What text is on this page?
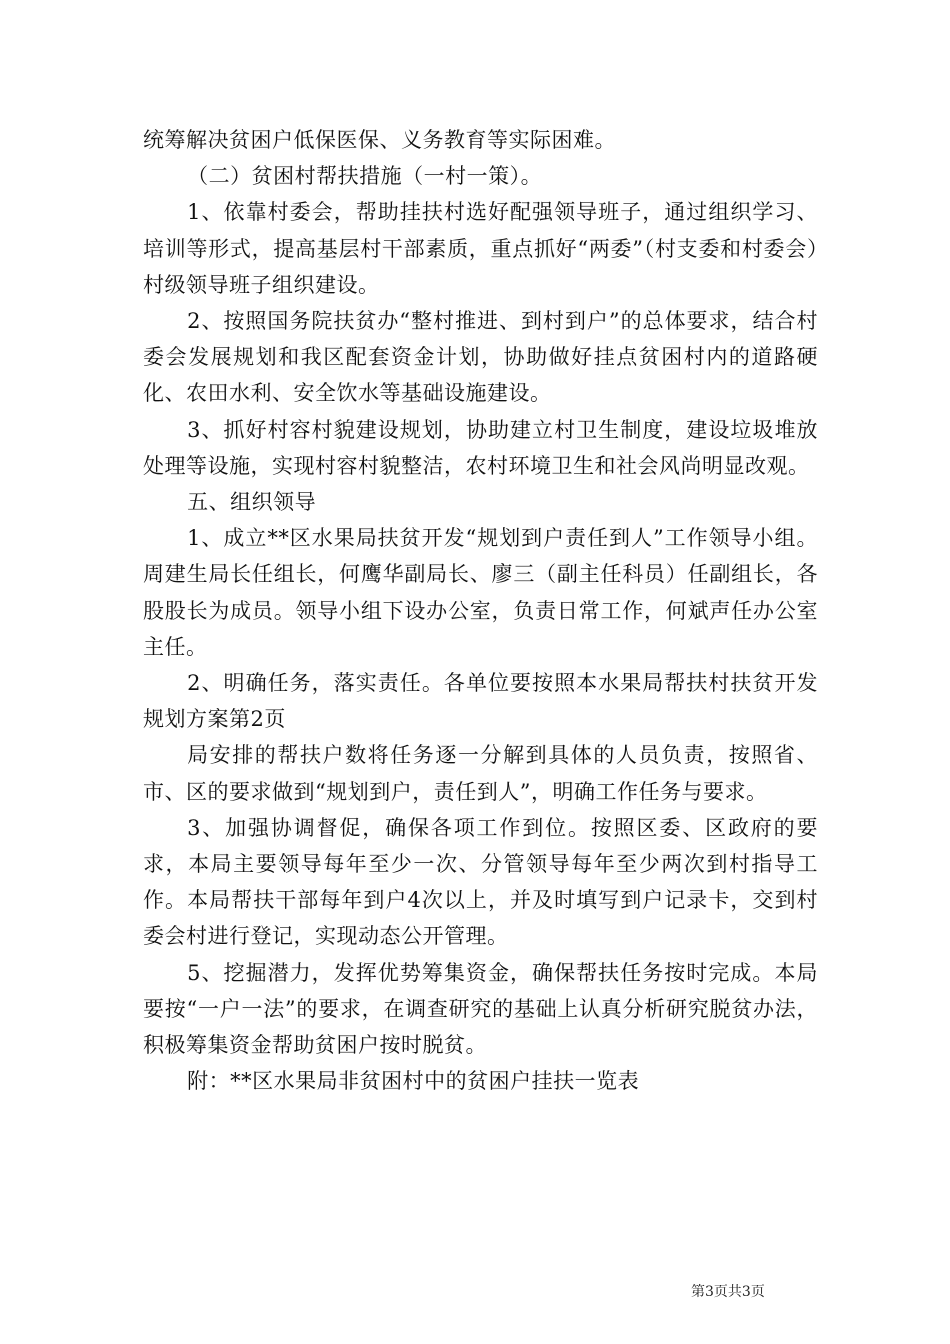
统筹解决贫困户低保医保、义务教育等实际困难。

（二）贫困村帮扶措施（一村一策）。

1、依靠村委会，帮助挂扶村选好配强领导班子，通过组织学习、培训等形式，提高基层村干部素质，重点抓好“两委”（村支委和村委会）村级领导班子组织建设。

2、按照国务院扶贫办“整村推进、到村到户”的总体要求，结合村委会发展规划和我区配套资金计划，协助做好挂点贫困村内的道路硬化、农田水利、安全饮水等基础设施建设。

3、抓好村容村貌建设规划，协助建立村卫生制度，建设垃圾堆放处理等设施，实现村容村貌整洁，农村环境卫生和社会风尚明显改观。

五、组织领导

1、成立**区水果局扶贫开发“规划到户责任到人”工作领导小组。周建生局长任组长，何鹰华副局长、廖三（副主任科员）任副组长，各股股长为成员。领导小组下设办公室，负责日常工作，何斌声任办公室主任。

2、明确任务，落实责任。各单位要按照本水果局帮扶村扶贫开发规划方案第2页

局安排的帮扶户数将任务逐一分解到具体的人员负责，按照省、市、区的要求做到“规划到户，责任到人”，明确工作任务与要求。

3、加强协调督促，确保各项工作到位。按照区委、区政府的要求，本局主要领导每年至少一次、分管领导每年至少两次到村指导工作。本局帮扶干部每年到户4次以上，并及时填写到户记录卡，交到村委会村进行登记，实现动态公开管理。

5、挖掘潜力，发挥优势筹集资金，确保帮扶任务按时完成。本局要按“一户一法”的要求，在调查研究的基础上认真分析研究脱贫办法，积极筹集资金帮助贫困户按时脱贫。

附：**区水果局非贫困村中的贫困户挂扶一览表

第3页共3页
